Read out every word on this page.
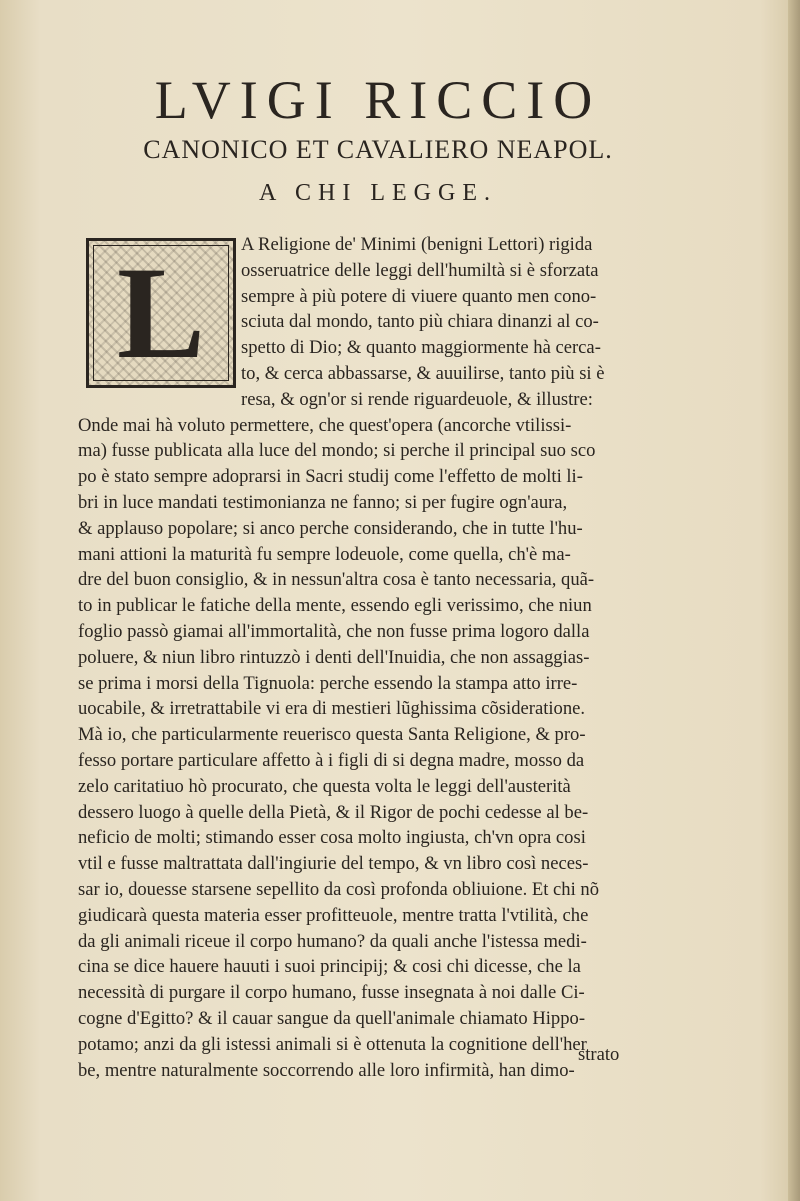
LVIGI RICCIO
CANONICO ET CAVALIERO NEAPOL.
A CHI LEGGE.
L	A Religione de' Minimi (benigni Lettori) rigida
osseruatrice delle leggi dell'humiltà si è sforzata
sempre à più potere di viuere quanto men cono-
sciuta dal mondo, tanto più chiara dinanzi al co-
spetto di Dio; & quanto maggiormente hà cerca-
to, & cerca abbassarse, & auuilirse, tanto più si è
resa, & ogn'or si rende riguardeuole, & illustre:
Onde mai hà voluto permettere, che quest'opera (ancorche vtilissi-
ma) fusse publicata alla luce del mondo; si perche il principal suo sco
po è stato sempre adoprarsi in Sacri studij come l'effetto de molti li-
bri in luce mandati testimonianza ne fanno; si per fugire ogn'aura,
& applauso popolare; si anco perche considerando, che in tutte l'hu-
mani attioni la maturità fu sempre lodeuole, come quella, ch'è ma-
dre del buon consiglio, & in nessun'altra cosa è tanto necessaria, quã-
to in publicar le fatiche della mente, essendo egli verissimo, che niun
foglio passò giamai all'immortalità, che non fusse prima logoro dalla
poluere, & niun libro rintuzzò i denti dell'Inuidia, che non assaggias-
se prima i morsi della Tignuola: perche essendo la stampa atto irre-
uocabile, & irretrattabile vi era di mestieri lũghissima cõsideratione.
Mà io, che particularmente reuerisco questa Santa Religione, & pro-
fesso portare particulare affetto à i figli di si degna madre, mosso da
zelo caritatiuo hò procurato, che questa volta le leggi dell'austerità
dessero luogo à quelle della Pietà, & il Rigor de pochi cedesse al be-
neficio de molti; stimando esser cosa molto ingiusta, ch'vn opra cosi
vtil e fusse maltrattata dall'ingiurie del tempo, & vn libro così neces-
sar io, douesse starsene sepellito da così profonda obliuione. Et chi nõ
giudicarà questa materia esser profitteuole, mentre tratta l'vtilità, che
da gli animali riceue il corpo humano? da quali anche l'istessa medi-
cina se dice hauere hauuti i suoi principij; & cosi chi dicesse, che la
necessità di purgare il corpo humano, fusse insegnata à noi dalle Ci-
cogne d'Egitto? & il cauar sangue da quell'animale chiamato Hippo-
potamo; anzi da gli istessi animali si è ottenuta la cognitione dell'her
be, mentre naturalmente soccorrendo alle loro infirmità, han dimo-
strato
